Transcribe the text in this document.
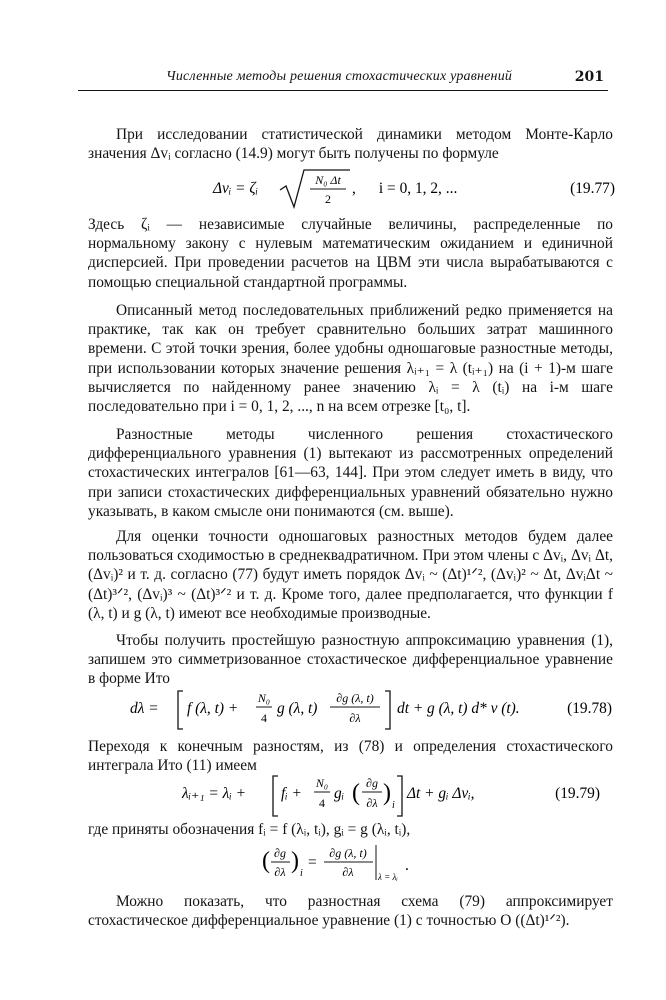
Численные методы решения стохастических уравнений	201

При исследовании статистической динамики методом Монте-Карло значения Δvᵢ согласно (14.9) могут быть получены по формуле

Δvᵢ = ζᵢ	N₀ Δt
2
,      i = 0, 1, 2, ...	(19.77)

Здесь ζᵢ — независимые случайные величины, распределенные по нормальному закону с нулевым математическим ожиданием и единичной дисперсией. При проведении расчетов на ЦВМ эти числа вырабатываются с помощью специальной стандартной программы.

Описанный метод последовательных приближений редко применяется на практике, так как он требует сравнительно больших затрат машинного времени. С этой точки зрения, более удобны одношаговые разностные методы, при использовании которых значение решения λᵢ₊₁ = λ (tᵢ₊₁) на (i + 1)-м шаге вычисляется по найденному ранее значению λᵢ = λ (tᵢ) на i-м шаге последовательно при i = 0, 1, 2, ..., n на всем отрезке [t₀, t].

Разностные методы численного решения стохастического дифференциального уравнения (1) вытекают из рассмотренных определений стохастических интегралов [61—63, 144]. При этом следует иметь в виду, что при записи стохастических дифференциальных уравнений обязательно нужно указывать, в каком смысле они понимаются (см. выше).

Для оценки точности одношаговых разностных методов будем далее пользоваться сходимостью в среднеквадратичном. При этом члены с Δvᵢ, Δvᵢ Δt, (Δvᵢ)² и т. д. согласно (77) будут иметь порядок Δvᵢ ~ (Δt)¹ᐟ², (Δvᵢ)² ~ Δt, ΔvᵢΔt ~ (Δt)³ᐟ², (Δvᵢ)³ ~ (Δt)³ᐟ² и т. д. Кроме того, далее предполагается, что функции f (λ, t) и g (λ, t) имеют все необходимые производные.

Чтобы получить простейшую разностную аппроксимацию уравнения (1), запишем это симметризованное стохастическое дифференциальное уравнение в форме Ито

dλ = f (λ, t) +
N₀
4
g (λ, t)
∂g (λ, t)
∂λ
dt + g (λ, t) d* v (t).	(19.78)

Переходя к конечным разностям, из (78) и определения стохастического интеграла Ито (11) имеем

λᵢ₊₁ = λᵢ + fᵢ +
N₀
4
gᵢ ( ∂g
∂λ ) i
Δt + gᵢ Δvᵢ,	(19.79)

где приняты обозначения fᵢ = f (λᵢ, tᵢ), gᵢ = g (λᵢ, tᵢ),

( ∂g
∂λ ) i
=
∂g (λ, t)
∂λ	λ = λᵢ
.

Можно показать, что разностная схема (79) аппроксимирует стохастическое дифференциальное уравнение (1) с точностью O ((Δt)¹ᐟ²).
